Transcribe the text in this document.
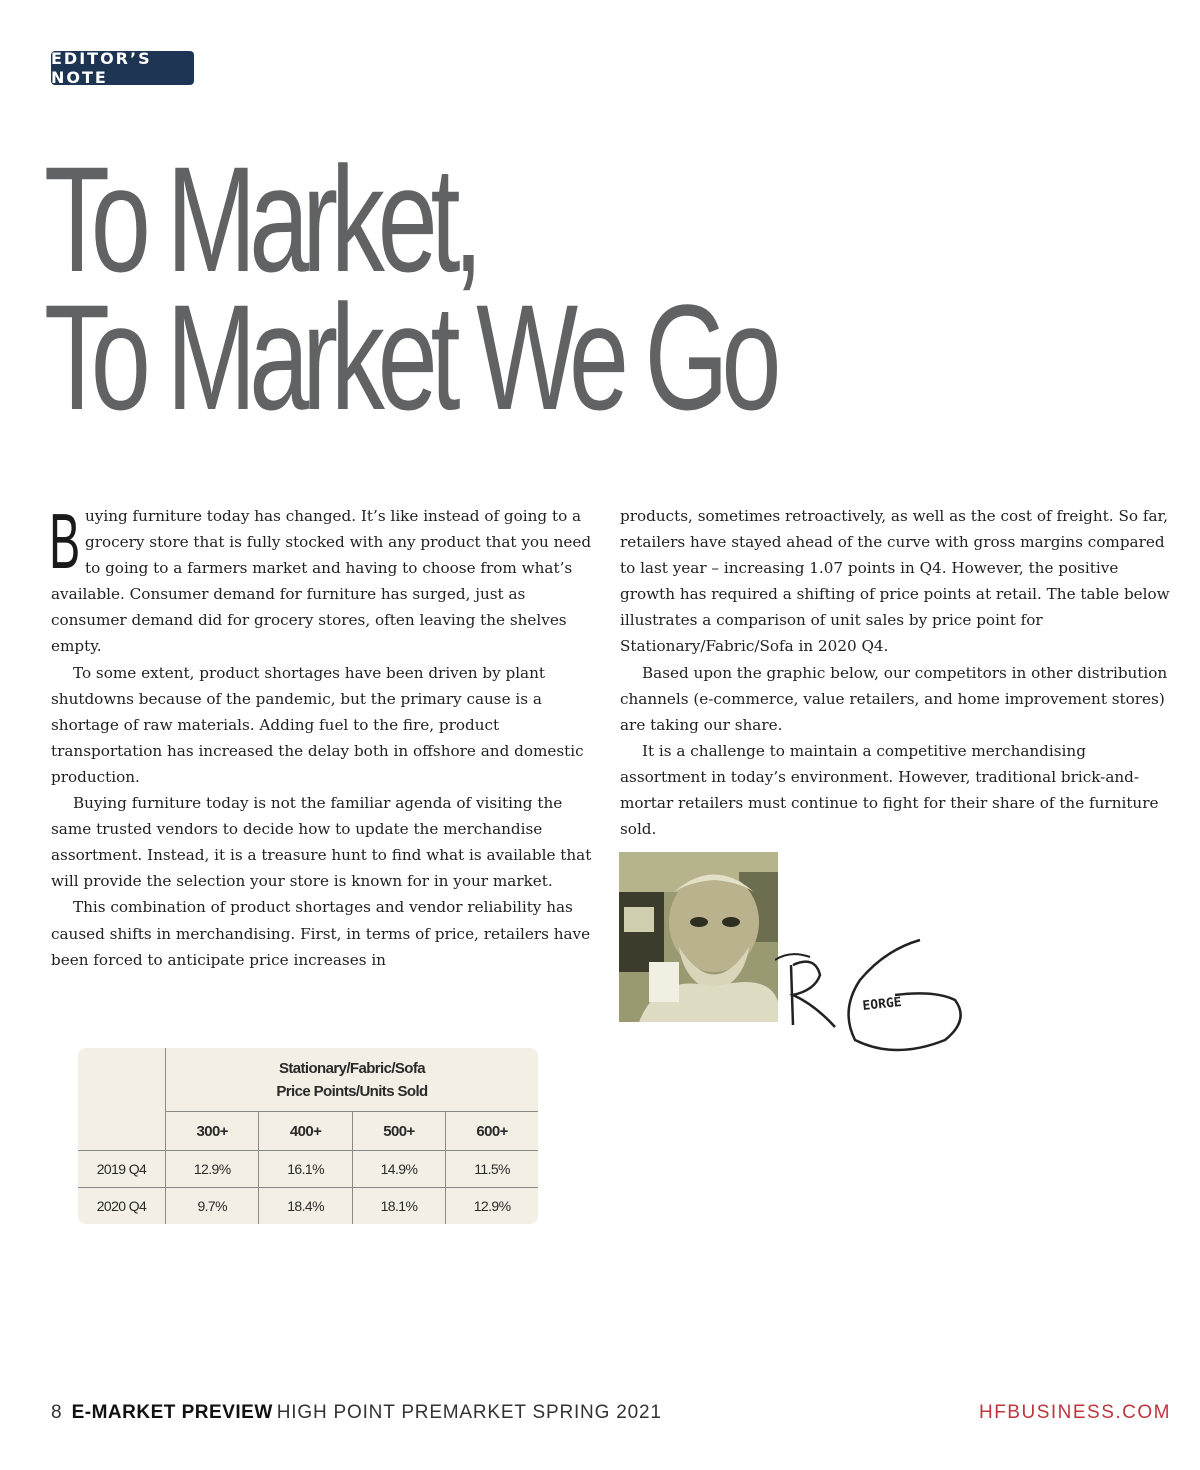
EDITOR’S NOTE
To Market,
To Market We Go

Buying furniture today has changed. It’s like instead of going to a grocery store that is fully stocked with any product that you need to going to a farmers market and having to choose from what’s available. Consumer demand for furniture has surged, just as consumer demand did for grocery stores, often leaving the shelves empty.

To some extent, product shortages have been driven by plant shutdowns because of the pandemic, but the primary cause is a shortage of raw materials. Adding fuel to the fire, product transportation has increased the delay both in offshore and domestic production.

Buying furniture today is not the familiar agenda of visiting the same trusted vendors to decide how to update the merchandise assortment. Instead, it is a treasure hunt to find what is available that will provide the selection your store is known for in your market.

This combination of product shortages and vendor reliability has caused shifts in merchandising. First, in terms of price, retailers have been forced to anticipate price increases in

products, sometimes retroactively, as well as the cost of freight. So far, retailers have stayed ahead of the curve with gross margins compared to last year – increasing 1.07 points in Q4. However, the positive growth has required a shifting of price points at retail. The table below illustrates a comparison of unit sales by price point for Stationary/Fabric/Sofa in 2020 Q4.

Based upon the graphic below, our competitors in other distribution channels (e-commerce, value retailers, and home improvement stores) are taking our share.

It is a challenge to maintain a competitive merchandising assortment in today’s environment. However, traditional brick-and-mortar retailers must continue to fight for their share of the furniture sold.

EORGE

	Stationary/Fabric/Sofa
Price Points/Units Sold			

	300+	400+	500+	600+
2019 Q4	12.9%	16.1%	14.9%	11.5%
2020 Q4	9.7%	18.4%	18.1%	12.9%
8 E-MARKET PREVIEW HIGH POINT PREMARKET SPRING 2021	HFBUSINESS.COM
